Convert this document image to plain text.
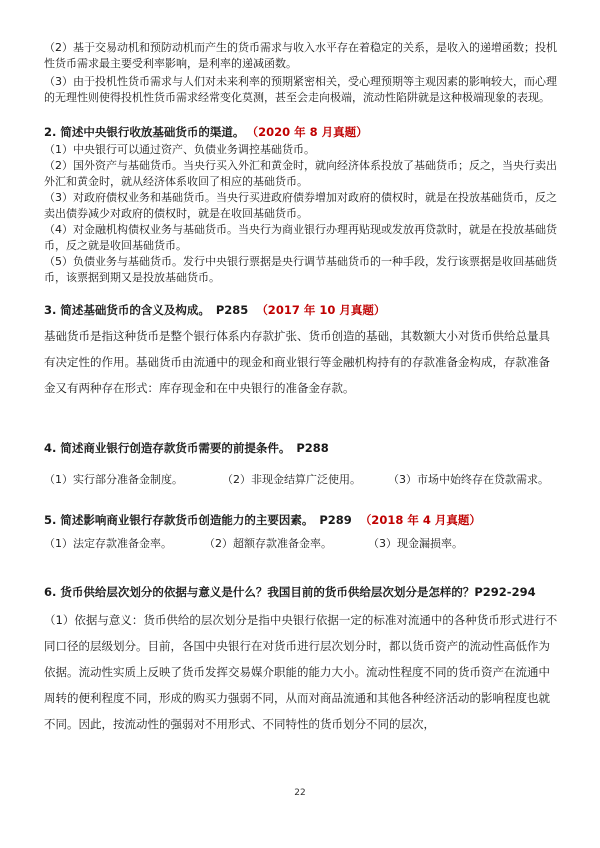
（2）基于交易动机和预防动机而产生的货币需求与收入水平存在着稳定的关系，是收入的递增函数；投机性货币需求最主要受利率影响，是利率的递减函数。

（3）由于投机性货币需求与人们对未来利率的预期紧密相关，受心理预期等主观因素的影响较大，而心理的无理性则使得投机性货币需求经常变化莫测，甚至会走向极端，流动性陷阱就是这种极端现象的表现。

2. 简述中央银行收放基础货币的渠道。 （2020 年 8 月真题）

（1）中央银行可以通过资产、负债业务调控基础货币。

（2）国外资产与基础货币。当央行买入外汇和黄金时，就向经济体系投放了基础货币；反之，当央行卖出外汇和黄金时，就从经济体系收回了相应的基础货币。

（3）对政府债权业务和基础货币。当央行买进政府债券增加对政府的债权时，就是在投放基础货币，反之卖出债券减少对政府的债权时，就是在收回基础货币。

（4）对金融机构债权业务与基础货币。当央行为商业银行办理再贴现或发放再贷款时，就是在投放基础货币，反之就是收回基础货币。

（5）负债业务与基础货币。发行中央银行票据是央行调节基础货币的一种手段，发行该票据是收回基础货币，该票据到期又是投放基础货币。

3. 简述基础货币的含义及构成。 P285 （2017 年 10 月真题）

基础货币是指这种货币是整个银行体系内存款扩张、货币创造的基础，其数额大小对货币供给总量具有决定性的作用。基础货币由流通中的现金和商业银行等金融机构持有的存款准备金构成，存款准备金又有两种存在形式：库存现金和在中央银行的准备金存款。

4. 简述商业银行创造存款货币需要的前提条件。 P288
（1）实行部分准备金制度。	（2）非现金结算广泛使用。 （3）市场中始终存在贷款需求。
5. 简述影响商业银行存款货币创造能力的主要因素。 P289 （2018 年 4 月真题）
（1）法定存款准备金率。	（2）超额存款准备金率。	（3）现金漏损率。
6. 货币供给层次划分的依据与意义是什么？我国目前的货币供给层次划分是怎样的？P292-294

（1）依据与意义：货币供给的层次划分是指中央银行依据一定的标准对流通中的各种货币形式进行不同口径的层级划分。目前，各国中央银行在对货币进行层次划分时，都以货币资产的流动性高低作为依据。流动性实质上反映了货币发挥交易媒介职能的能力大小。流动性程度不同的货币资产在流通中周转的便利程度不同，形成的购买力强弱不同，从而对商品流通和其他各种经济活动的影响程度也就不同。因此，按流动性的强弱对不用形式、不同特性的货币划分不同的层次，

22
